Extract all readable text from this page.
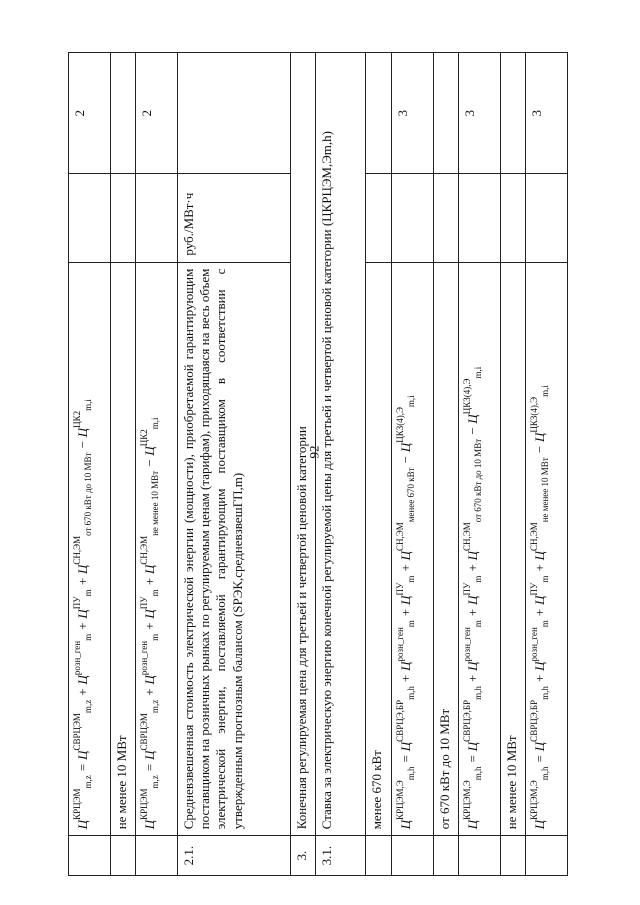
92
	$Ц^{КРЦЭМ}_{m,z} = Ц^{СВРЦЭМ}_{m,z} + Ц^{розн\_ген}_m + Ц^{ПУ}_m + Ц^{СН,ЭМ}_{от 670 кВт до 10 МВт} - Ц^{ЦК2}_{m,i}$		2
	не менее 10 МВт		
	$Ц^{КРЦЭМ}_{m,z} = Ц^{СВРЦЭМ}_{m,z} + Ц^{розн\_ген}_m + Ц^{ПУ}_m + Ц^{СН,ЭМ}_{не менее 10 МВт} - Ц^{ЦК2}_{m,i}$		2
2.1.	Средневзвешенная стоимость электрической энергии (мощности), приобретаемой гарантирующим поставщиком на розничных рынках по регулируемым ценам (тарифам), приходящаяся на весь объем электрической энергии, поставляемой гарантирующим поставщиком в соответствии с утвержденным прогнозным балансом (SРЭК,средневзвешГП,m)	руб./МВт·ч	
3.	Конечная регулируемая цена для третьей и четвертой ценовой категории		
3.1.	Ставка за электрическую энергию конечной регулируемой цены для третьей и четвертой ценовой категории (ЦКРЦЭМ,Эm,h)		
	менее 670 кВт		
	$Ц^{КРЦЭМ,Э}_{m,h} = Ц^{СВРЦЭ,БР}_{m,h} + Ц^{розн\_ген}_m + Ц^{ПУ}_m + Ц^{СН,ЭМ}_{менее 670 кВт} - Ц^{ЦКЗ(4),Э}_{m,i}$		3
	от 670 кВт до 10 МВт		
	$Ц^{КРЦЭМ,Э}_{m,h} = Ц^{СВРЦЭ,БР}_{m,h} + Ц^{розн\_ген}_m + Ц^{ПУ}_m + Ц^{СН,ЭМ}_{от 670 кВт до 10 МВт} - Ц^{ЦКЗ(4),Э}_{m,i}$		3
	не менее 10 МВт		
	$Ц^{КРЦЭМ,Э}_{m,h} = Ц^{СВРЦЭ,БР}_{m,h} + Ц^{розн\_ген}_m + Ц^{ПУ}_m + Ц^{СН,ЭМ}_{не менее 10 МВт} - Ц^{ЦКЗ(4),Э}_{m,i}$		3
